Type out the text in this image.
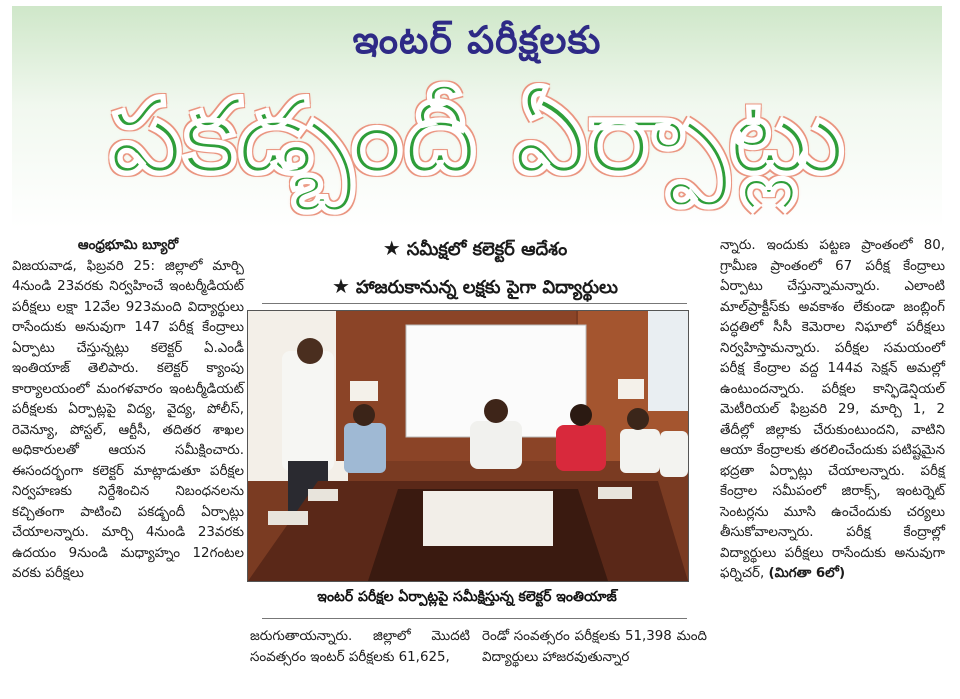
ఇంటర్ పరీక్షలకు
పకడ్బందీ ఏర్పాట్లు
ఆంధ్రభూమి బ్యూరో
విజయవాడ, ఫిబ్రవరి 25: జిల్లాలో మార్చి 4నుండి 23వరకు నిర్వహించే ఇంటర్మీడియట్ పరీక్షలు లక్షా 12వేల 923మంది విద్యార్థులు రాసేందుకు అనువుగా 147 పరీక్ష కేంద్రాలు ఏర్పాటు చేస్తున్నట్లు కలెక్టర్ ఏ.ఎండీ ఇంతియాజ్ తెలిపారు. కలెక్టర్ క్యాంపు కార్యాలయంలో మంగళవారం ఇంటర్మీడియట్ పరీక్షలకు ఏర్పాట్లపై విద్య, వైద్య, పోలీస్, రెవెన్యూ, పోస్టల్, ఆర్టీసీ, తదితర శాఖల అధికారులతో ఆయన సమీక్షించారు. ఈసందర్భంగా కలెక్టర్ మాట్లాడుతూ పరీక్షల నిర్వహణకు నిర్దేశించిన నిబంధనలను కచ్చితంగా పాటించి పకడ్బందీ ఏర్పాట్లు చేయాలన్నారు. మార్చి 4నుండి 23వరకు ఉదయం 9నుండి మధ్యాహ్నం 12గంటల వరకు పరీక్షలు
★ సమీక్షలో కలెక్టర్ ఆదేశం
★ హాజరుకానున్న లక్షకు పైగా విద్యార్థులు
ఇంటర్ పరీక్షల ఏర్పాట్లపై సమీక్షిస్తున్న కలెక్టర్ ఇంతియాజ్
జరుగుతాయన్నారు. జిల్లాలో మొదటి సంవత్సరం ఇంటర్ పరీక్షలకు 61,625,
రెండో సంవత్సరం పరీక్షలకు 51,398 మంది విద్యార్థులు హాజరవుతున్నార
న్నారు. ఇందుకు పట్టణ ప్రాంతంలో 80, గ్రామీణ ప్రాంతంలో 67 పరీక్ష కేంద్రాలు ఏర్పాటు చేస్తున్నామన్నారు. ఎలాంటి మాల్‌ప్రాక్టీస్‌కు అవకాశం లేకుండా జంబ్లింగ్ పద్ధతిలో సీసీ కెమెరాల నిఘాలో పరీక్షలు నిర్వహిస్తామన్నారు. పరీక్షల సమయంలో పరీక్ష కేంద్రాల వద్ద 144వ సెక్షన్ అమల్లో ఉంటుందన్నారు. పరీక్షల కాన్ఫిడెన్షియల్ మెటీరియల్ ఫిబ్రవరి 29, మార్చి 1, 2 తేదీల్లో జిల్లాకు చేరుకుంటుందని, వాటిని ఆయా కేంద్రాలకు తరలించేందుకు పటిష్టమైన భద్రతా ఏర్పాట్లు చేయాలన్నారు. పరీక్ష కేంద్రాల సమీపంలో జిరాక్స్, ఇంటర్నెట్ సెంటర్లను మూసి ఉంచేందుకు చర్యలు తీసుకోవాలన్నారు. పరీక్ష కేంద్రాల్లో విద్యార్థులు పరీక్షలు రాసేందుకు అనువుగా ఫర్నిచర్, (మిగతా 6లో)
